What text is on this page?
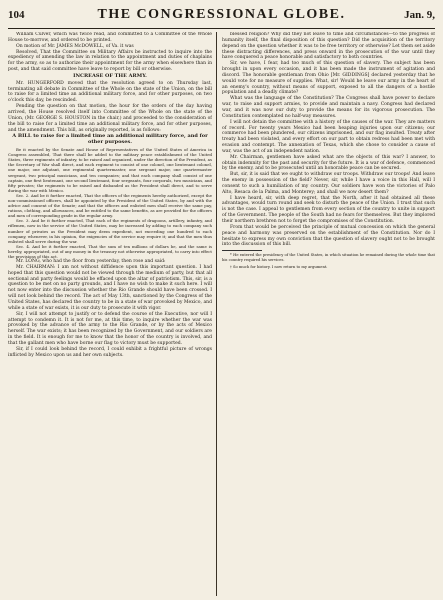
104	THE CONGRESSIONAL GLOBE.	Jan. 9,

William Culver, which was twice read, and committed to a Committee of the Whole House to-morrow, and ordered to be printed.

On motion of Mr. JAMES McDOWELL, of Va. it was

Resolved, That the Committee on Military Affairs be instructed to inquire into the expediency of amending the law in relation to the appointment and duties of chaplains for the army, so as to authorize their appointment for the army when elsewhere than in post, and that said committee have leave to report by bill or otherwise.

INCREASE OF THE ARMY.

Mr. HUNGERFORD moved that the resolution agreed to on Thursday last, terminating all debate in Committee of the Whole on the state of the Union, on the bill to raise for a limited time an additional military force, and for other purposes, on two o'clock this day, be rescinded.

Pending the question on that motion, the hour for the orders of the day having arrived, the House resolved itself into Committee of the Whole on the state of the Union, (Mr. GEORGE S. HOUSTON in the chair,) and proceeded to the consideration of the bill to raise for a limited time an additional military force, and for other purposes, and the amendment. This bill, as originally reported, is as follows:

A BILL to raise for a limited time an additional military force, and for other purposes.

Be it enacted by the Senate and House of Representatives of the United States of America in Congress assembled, That there shall be added to the military peace establishment of the United States, three regiments of infantry, to be raised and organized, under the direction of the President, as the Secretary of War shall direct, and each regiment to consist of one colonel, one lieutenant colonel, one major, one adjutant, one regimental quartermaster, one sergeant major, one quartermaster sergeant, two principal musicians, and ten companies; and that each company shall consist of one captain, one first lieutenant, one second lieutenant, four sergeants, four corporals, two musicians, and fifty privates; the regiments to be raised and disbanded as the President shall direct, and to serve during the war with Mexico.

Sec. 2. And be it further enacted, That the officers of the regiments hereby authorized, except the non-commissioned officers, shall be appointed by the President of the United States, by and with the advice and consent of the Senate; and that the officers and enlisted men shall receive the same pay, rations, clothing, and allowances, and be entitled to the same benefits, as are provided for the officers and men of corresponding grade in the regular army.

Sec. 3. And be it further enacted, That each of the regiments of dragoons, artillery, infantry, and riflemen, now in the service of the United States, may be increased by adding to each company such number of privates as the President may deem expedient, not exceeding one hundred to each company, whenever, in his opinion, the exigencies of the service may require it; and that the men thus enlisted shall serve during the war.

Sec. 4. And be it further enacted, That the sum of ten millions of dollars be, and the same is hereby, appropriated, out of any money in the treasury not otherwise appropriated, to carry into effect the provisions of this act.

Mr. LONG, who had the floor from yesterday, then rose and said:

Mr. CHAIRMAN: I am not without diffidence upon this important question. I had hoped that this question would not be viewed through the medium of party, but that all sectional and party feelings would be effaced upon the altar of patriotism. This, sir, is a question to be met on no party grounds, and I have no wish to make it such here. I will not now enter into the discussion whether the Rio Grande should have been crossed. I will not look behind the record. The act of May 13th, sanctioned by the Congress of the United States, has declared the country to be in a state of war provoked by Mexico, and while a state of war exists, it is our duty to prosecute it with vigor.

Sir, I will not attempt to justify or to defend the course of the Executive, nor will I attempt to condemn it. It is not for me, at this time, to inquire whether the war was provoked by the advance of the army to the Rio Grande, or by the acts of Mexico herself. The war exists; it has been recognized by the Government, and our soldiers are in the field. It is enough for me to know that the honor of the country is involved, and that the gallant men who have borne our flag to victory must be supported.

Sir, if I could look behind the record, I could exhibit a frightful picture of wrongs inflicted by Mexico upon us and her own subjects.

blessed religion? Why did they not leave to time and circumstances—to the progress of humanity itself, the final disposition of this question? Did the acquisition of the territory depend on the question whether it was to be free territory or otherwise? Let them set aside these distracting differences, and press onward in the prosecution of the war until they have conquered a peace honorable and satisfactory to both countries.

Sir, we have, I fear, had too much of this question of slavery. The subject has been brought in upon every occasion, and it has been made the instrument of agitation and discord. The honorable gentleman from Ohio [Mr. GIDDINGS] declared yesterday that he would vote for no measure of supplies. What, sir! Would he leave our army in the heart of an enemy's country, without means of support, exposed to all the dangers of a hostile population and a deadly climate?

What was the language of the Constitution? The Congress shall have power to declare war, to raise and support armies, to provide and maintain a navy. Congress had declared war, and it was now our duty to provide the means for its vigorous prosecution. The Constitution contemplated no half-way measures.

I will not detain the committee with a history of the causes of the war. They are matters of record. For twenty years Mexico had been heaping injuries upon our citizens; our commerce had been plundered, our citizens imprisoned, and our flag insulted. Treaty after treaty had been violated, and every effort on our part to obtain redress had been met with evasion and contempt. The annexation of Texas, which she chose to consider a cause of war, was the act of an independent nation.

Mr. Chairman, gentlemen have asked what are the objects of this war? I answer, to obtain indemnity for the past and security for the future. It is a war of defence, commenced by the enemy, and to be prosecuted until an honorable peace can be secured.

But, sir, it is said that we ought to withdraw our troops. Withdraw our troops! And leave the enemy in possession of the field? Never, sir, while I have a voice in this Hall, will I consent to such a humiliation of my country. Our soldiers have won the victories of Palo Alto, Resaca de la Palma, and Monterey; and shall we now desert them?

I have heard, sir, with deep regret, that the North, after it had obtained all these advantages, would turn round and seek to disturb the peace of the Union. I trust that such is not the case. I appeal to gentlemen from every section of the country to unite in support of the Government. The people of the South had no fears for themselves. But they implored their northern brethren not to forget the compromises of the Constitution.

From that would be perceived the principle of mutual concession on which the general peace and harmony was preserved on the establishment of the Constitution. Nor do I hesitate to express my own conviction that the question of slavery ought not to be brought into the discussion of this bill.

* He entered the presidency of the United States, in which situation he remained during the whole time that his country required his services.

† So much for history. I now return to my argument.
